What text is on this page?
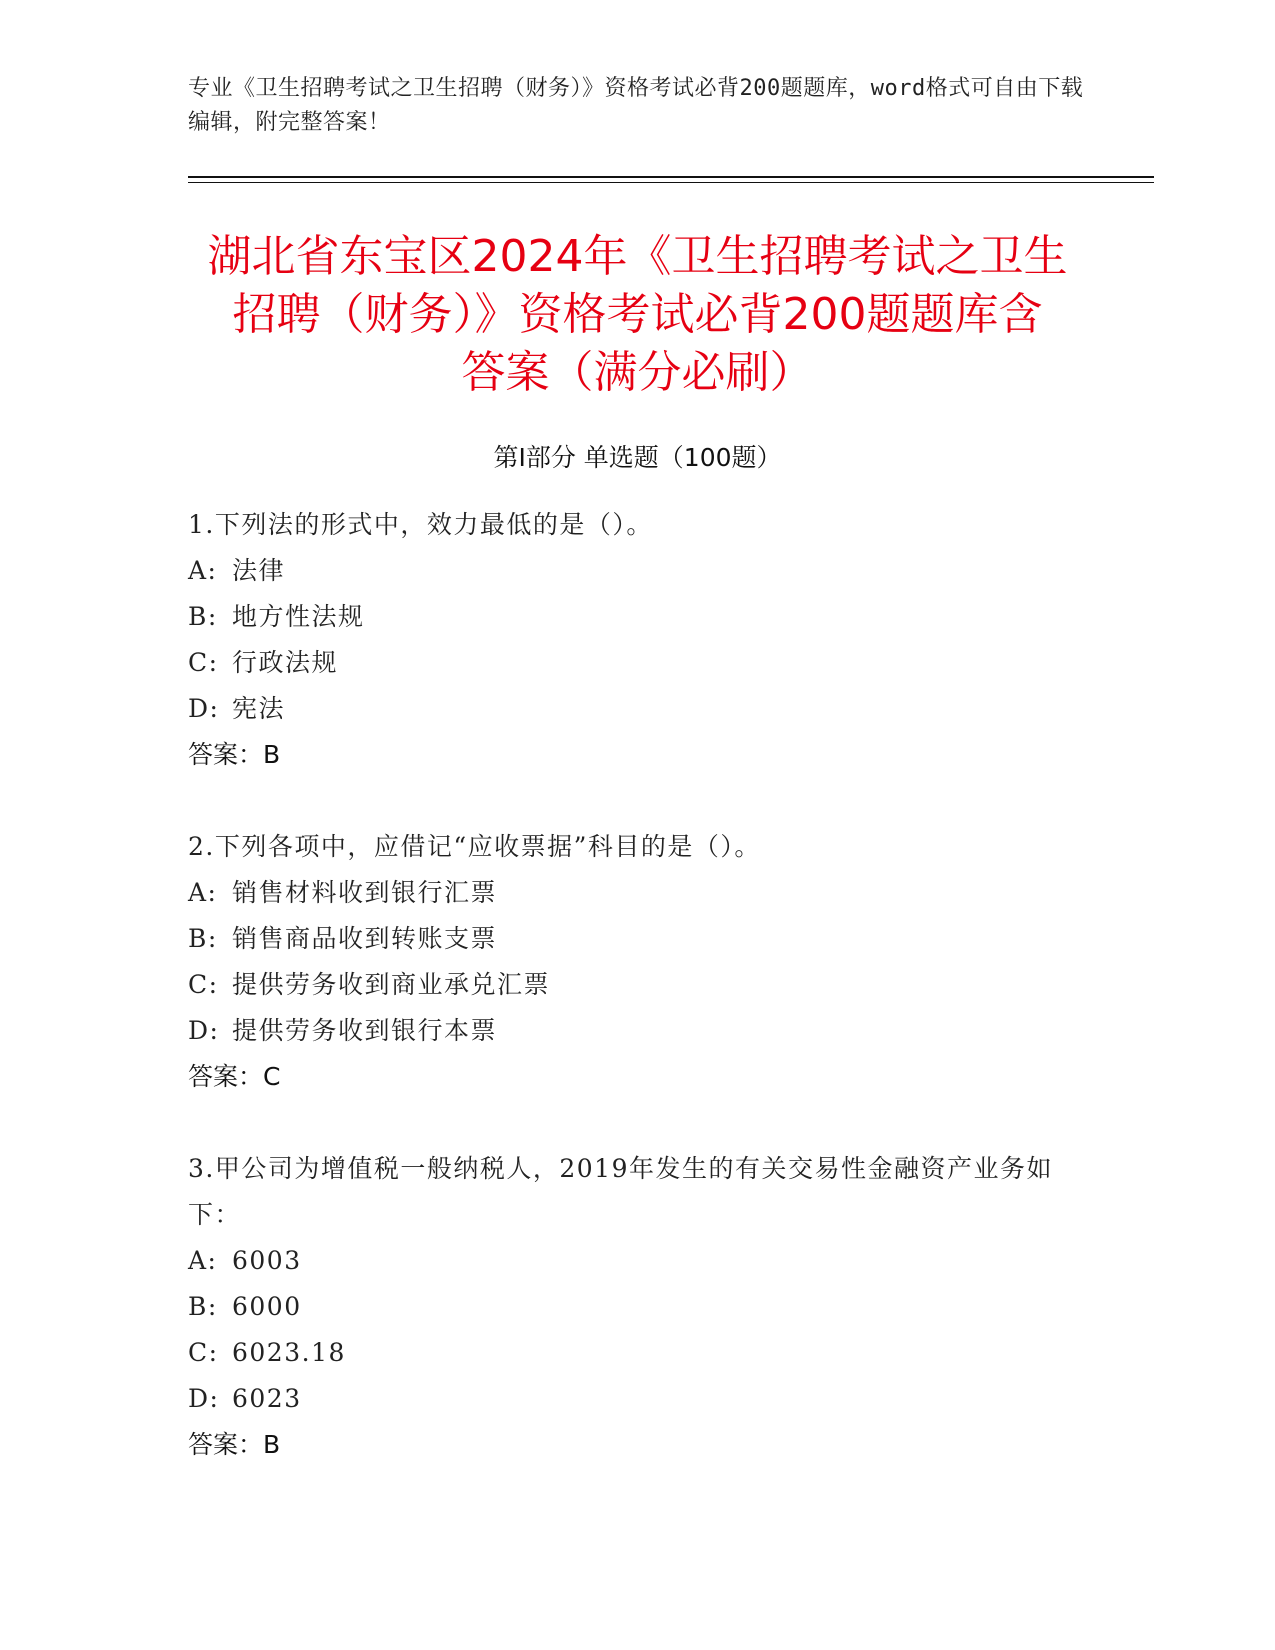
专业《卫生招聘考试之卫生招聘（财务）》资格考试必背200题题库，word格式可自由下载编辑，附完整答案！
湖北省东宝区2024年《卫生招聘考试之卫生
招聘（财务）》资格考试必背200题题库含
答案（满分必刷）
第Ⅰ部分 单选题（100题）

1.下列法的形式中，效力最低的是（）。

A: 法律

B: 地方性法规

C: 行政法规

D: 宪法

答案：B

2.下列各项中，应借记“应收票据”科目的是（）。

A: 销售材料收到银行汇票

B: 销售商品收到转账支票

C: 提供劳务收到商业承兑汇票

D: 提供劳务收到银行本票

答案：C

3.甲公司为增值税一般纳税人，2019年发生的有关交易性金融资产业务如下：

A: 6003

B: 6000

C: 6023.18

D: 6023

答案：B
